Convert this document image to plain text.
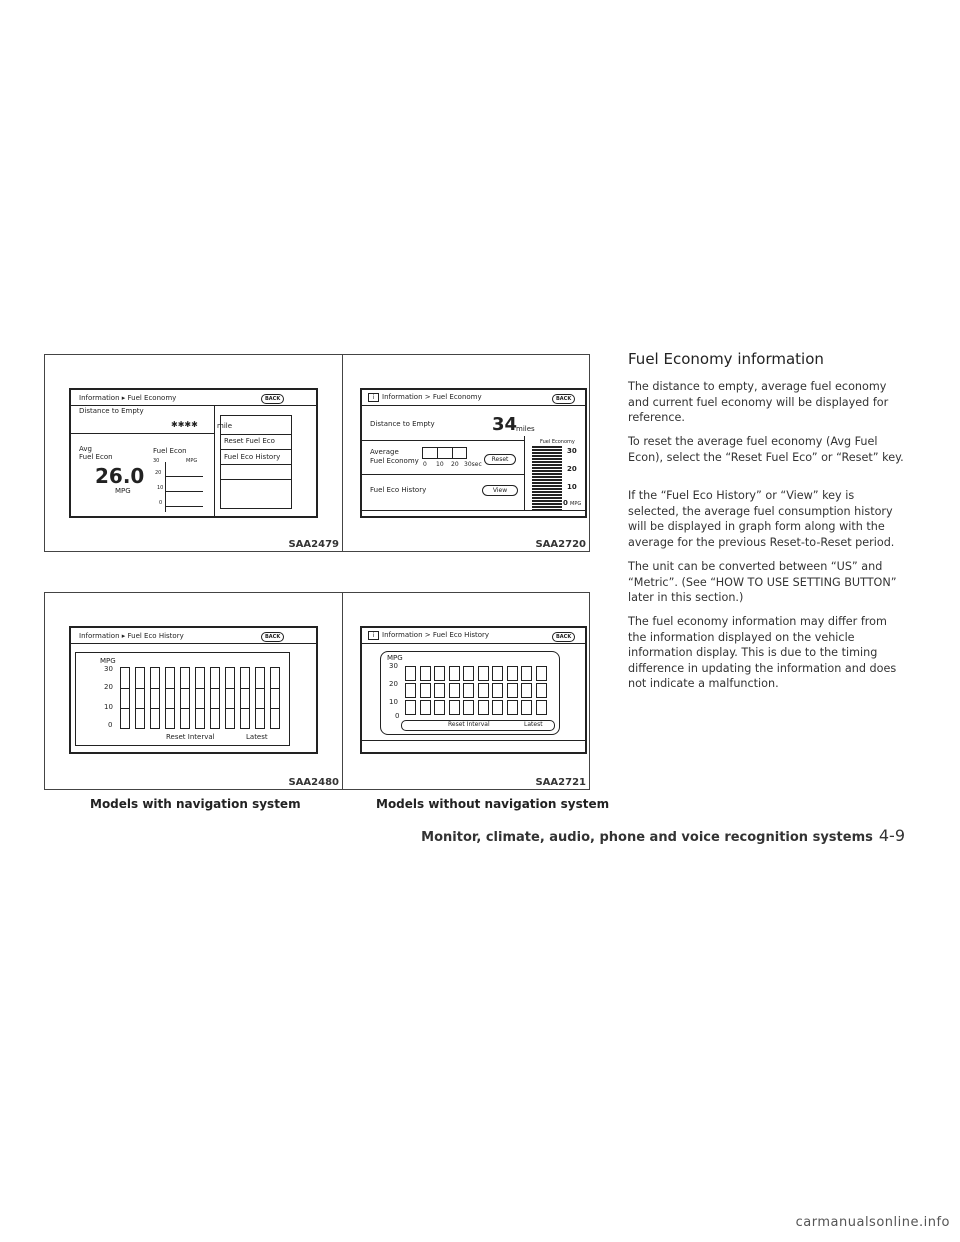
Information ▸ Fuel Economy	BACK
Distance to Empty
✱✱✱✱	mile
Avg
Fuel Econ
26.0
MPG
Fuel Econ
MPG
30
20
10
0
Reset Fuel Eco
Fuel Eco History
SAA2479
i	Information > Fuel Economy	BACK
Distance to Empty	34
miles
Average
Fuel Economy 0 10 20 30sec
Reset
Fuel Eco History	View
Fuel Economy
30
20
10
0 MPG
SAA2720
Information ▸ Fuel Eco History	BACK
MPG
30
20
10
0
Reset Interval	Latest
SAA2480
i	Information > Fuel Eco History	BACK
MPG
30
20
10
0
Reset Interval	Latest
SAA2721
Models with navigation system	Models without navigation system
Fuel Economy information

The distance to empty, average fuel economy and current fuel economy will be displayed for reference.

To reset the average fuel economy (Avg Fuel Econ), select the “Reset Fuel Eco” or “Reset” key.

If the “Fuel Eco History” or “View” key is selected, the average fuel consumption history will be displayed in graph form along with the average for the previous Reset-to-Reset period.

The unit can be converted between “US” and “Metric”. (See “HOW TO USE SETTING BUTTON” later in this section.)

The fuel economy information may differ from the information displayed on the vehicle information display. This is due to the timing difference in updating the information and does not indicate a malfunction.

Monitor, climate, audio, phone and voice recognition systems 4-9
carmanualsonline.info
